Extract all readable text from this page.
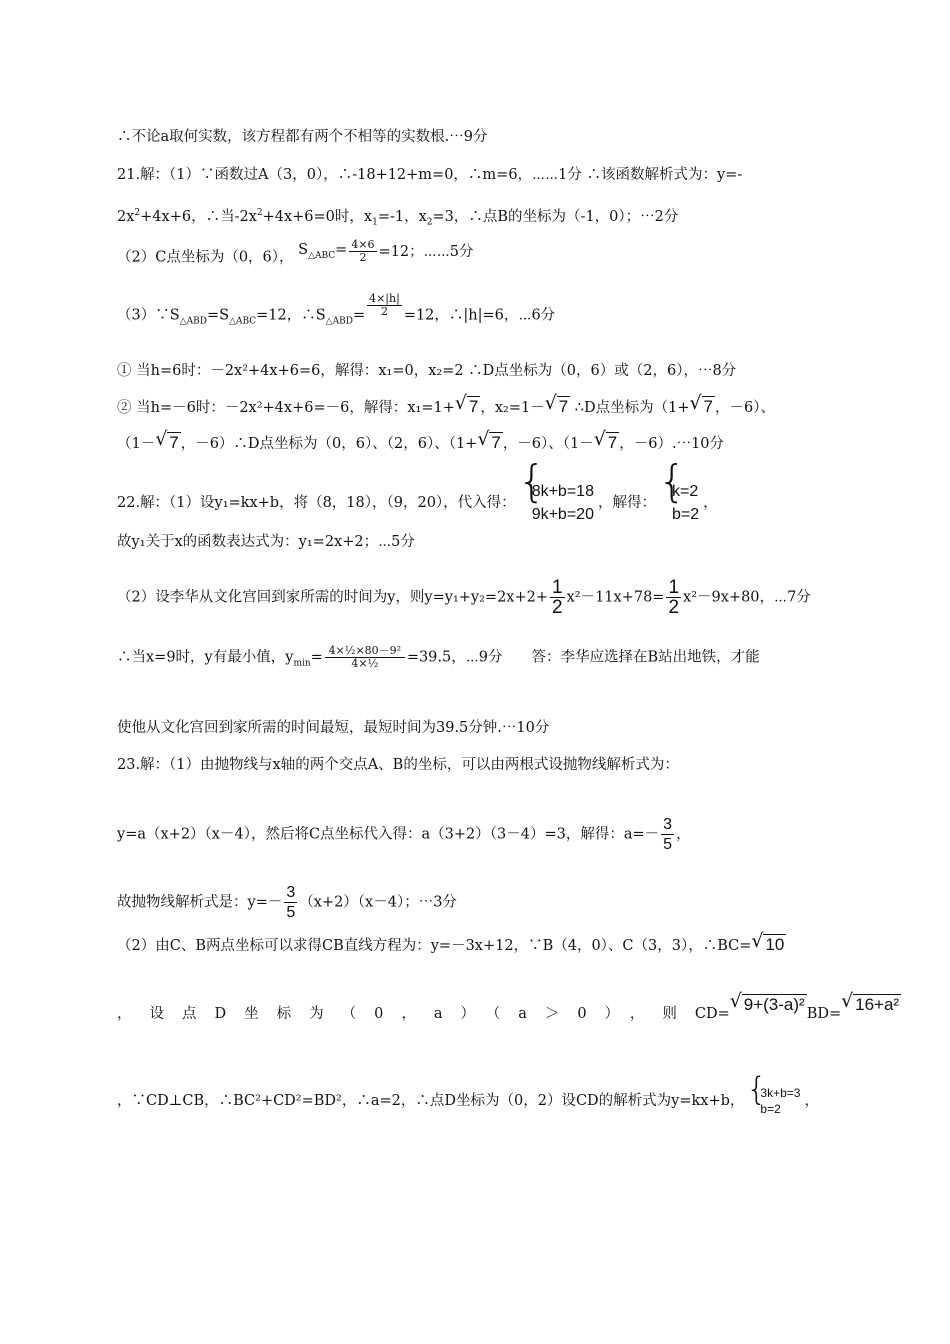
∴不论a取何实数，该方程都有两个不相等的实数根.⋯9分
21.解：（1）∵函数过A（3，0），∴-18+12+m=0，∴m=6，⋯⋯1分 ∴该函数解析式为：y=-
$2x^2+4x+6$，∴当$-2x^2+4x+6=0$时，$x_1=-1$，$x_2=3$，∴点B的坐标为（-1，0）；⋯2分
（2）C点坐标为（0，6）， $S_{\triangle ABC}= \frac{4\times 6}{2} =12$；⋯⋯5分
$(3)\because S_{\triangle ABD}=S_{\triangle ABC}=12$，$\therefore S_{\triangle ABD}= \frac{4\times|h|}{2} =12$，∴|h|=6，⋯6分
① 当h=6时：－2x²+4x+6=6，解得：x₁=0，x₂=2 ∴D点坐标为（0，6）或（2，6），⋯8分
② 当h=－6时：－2x²+4x+6=－6，解得：x₁=1+ √ 7 ，x₂=1－ √ 7 ∴D点坐标为（1+ √ 7 ，－6）、
（1－ √ 7 ，－6）∴D点坐标为（0，6）、（2，6）、（1+ √ 7 ，－6）、（1－ √ 7 ，－6）.⋯10分
22.解：（1）设y₁=kx+b，将（8，18），（9，20），代入得：
{ 8k+b=18
9k+b=20
，解得：
{ k=2
b=2
，
故y₁关于x的函数表达式为：y₁=2x+2；⋯5分
（2）设李华从文化宫回到家所需的时间为y，则$y=y_1+y_2=2x+2+ \frac{1}{2} x^2-11x+78= \frac{1}{2} x^2-9x+80$，⋯7分
∴当x=9时，y有最小值，$y_{min}= \frac{\text{4×½×80－9²}}{\text{4×½}} =39.5$，⋯9分　　答：李华应选择在B站出地铁，才能
使他从文化宫回到家所需的时间最短，最短时间为39.5分钟.⋯10分
23.解：（1）由抛物线与x轴的两个交点A、B的坐标，可以由两根式设抛物线解析式为：
y=a（x+2）（x－4），然后将C点坐标代入得：a（3+2）（3－4）=3，解得：$a=- \frac{3}{5}$ ，
故抛物线解析式是：$y=- \frac{3}{5} (x+2)(x-4)$；⋯3分
（2）由C、B两点坐标可以求得CB直线方程为：y=－3x+12，∵B（4，0）、C（3，3），∴BC= √ 10
，设点D坐标为（0，a）（a＞0），则CD= √ 9+(3-a)² BD= √ 16+a²
，∵CD⊥CB，∴BC²+CD²=BD²，∴a=2，∴点D坐标为（0，2）设CD的解析式为y=kx+b， { 3k+b=3
b=2	，
